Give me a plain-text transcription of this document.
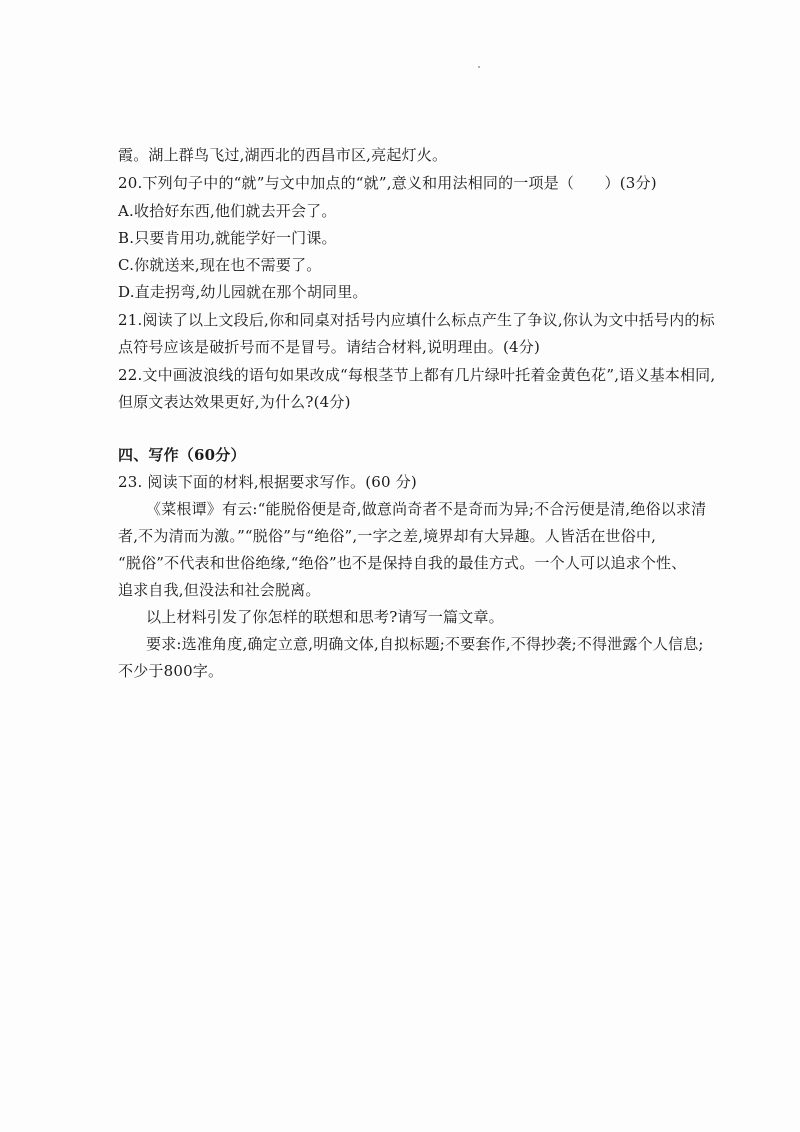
霞。湖上群鸟飞过,湖西北的西昌市区,亮起灯火。
20.下列句子中的“就”与文中加点的“就”,意义和用法相同的一项是（　　）(3分)
A.收拾好东西,他们就去开会了。
B.只要肯用功,就能学好一门课。
C.你就送来,现在也不需要了。
D.直走拐弯,幼儿园就在那个胡同里。
21.阅读了以上文段后,你和同桌对括号内应填什么标点产生了争议,你认为文中括号内的标
点符号应该是破折号而不是冒号。请结合材料,说明理由。(4分)
22.文中画波浪线的语句如果改成“每根茎节上都有几片绿叶托着金黄色花”,语义基本相同,
但原文表达效果更好,为什么?(4分)
四、写作（60分）
23. 阅读下面的材料,根据要求写作。(60 分)
《菜根谭》有云:“能脱俗便是奇,做意尚奇者不是奇而为异;不合污便是清,绝俗以求清
者,不为清而为激。”“脱俗”与“绝俗”,一字之差,境界却有大异趣。人皆活在世俗中,
“脱俗”不代表和世俗绝缘,“绝俗”也不是保持自我的最佳方式。一个人可以追求个性、
追求自我,但没法和社会脱离。
以上材料引发了你怎样的联想和思考?请写一篇文章。
要求:选准角度,确定立意,明确文体,自拟标题;不要套作,不得抄袭;不得泄露个人信息;
不少于800字。
